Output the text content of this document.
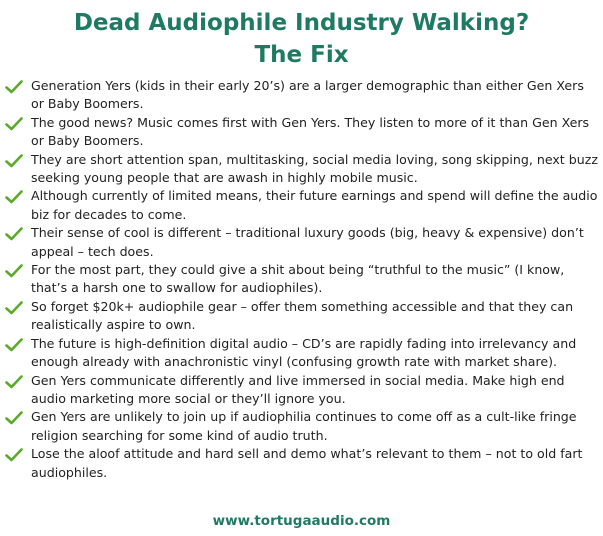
Dead Audiophile Industry Walking?
The Fix
Generation Yers (kids in their early 20’s) are a larger demographic than either Gen Xers or Baby Boomers.
The good news? Music comes first with Gen Yers. They listen to more of it than Gen Xers or Baby Boomers.
They are short attention span, multitasking, social media loving, song skipping, next buzz seeking young people that are awash in highly mobile music.
Although currently of limited means, their future earnings and spend will define the audio biz for decades to come.
Their sense of cool is different – traditional luxury goods (big, heavy & expensive) don’t appeal – tech does.
For the most part, they could give a shit about being “truthful to the music” (I know, that’s a harsh one to swallow for audiophiles).
So forget $20k+ audiophile gear – offer them something accessible and that they can realistically aspire to own.
The future is high-definition digital audio – CD’s are rapidly fading into irrelevancy and enough already with anachronistic vinyl (confusing growth rate with market share).
Gen Yers communicate differently and live immersed in social media. Make high end audio marketing more social or they’ll ignore you.
Gen Yers are unlikely to join up if audiophilia continues to come off as a cult-like fringe religion searching for some kind of audio truth.
Lose the aloof attitude and hard sell and demo what’s relevant to them – not to old fart audiophiles.
www.tortugaaudio.com
